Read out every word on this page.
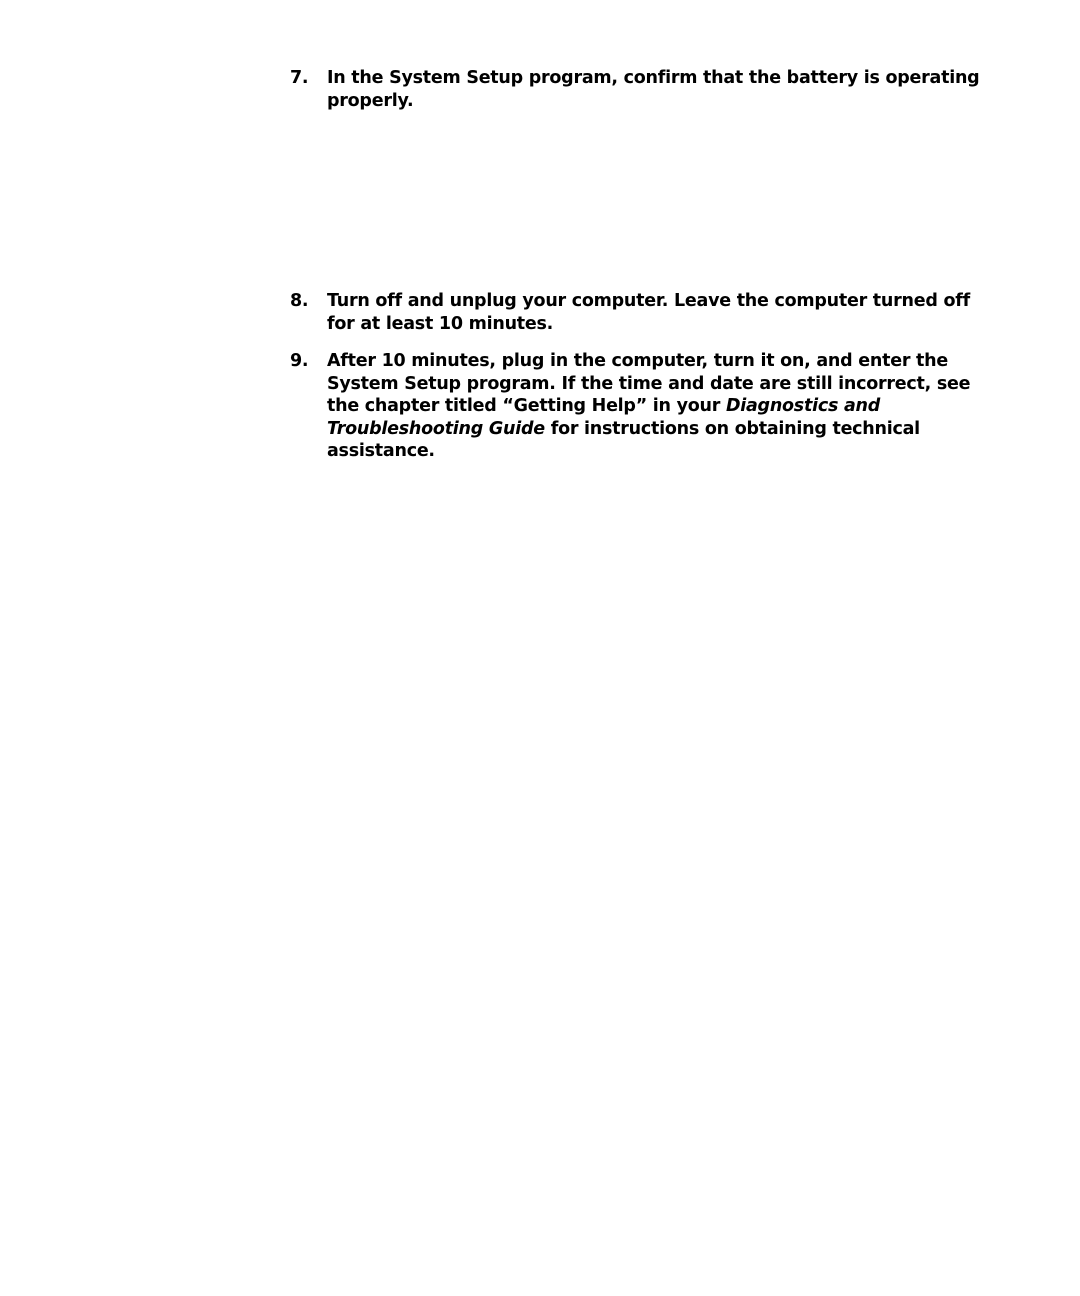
7.	In the System Setup program, confirm that the battery is operating properly.
8.	Turn off and unplug your computer. Leave the computer turned off for at least 10 minutes.
9.	After 10 minutes, plug in the computer, turn it on, and enter the System Setup program. If the time and date are still incorrect, see the chapter titled “Getting Help” in your Diagnostics and Troubleshooting Guide for instructions on obtaining technical assistance.
